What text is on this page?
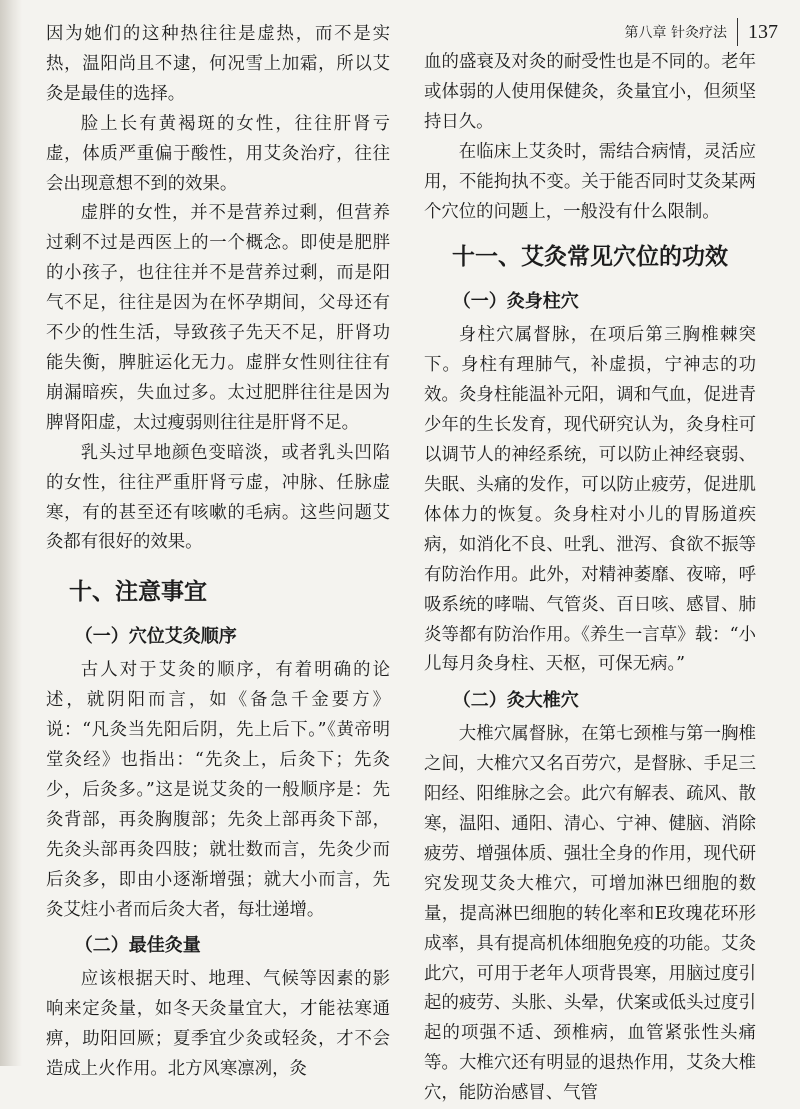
第八章 针灸疗法 137

因为她们的这种热往往是虚热，而不是实热，温阳尚且不逮，何况雪上加霜，所以艾灸是最佳的选择。

脸上长有黄褐斑的女性，往往肝肾亏虚，体质严重偏于酸性，用艾灸治疗，往往会出现意想不到的效果。

虚胖的女性，并不是营养过剩，但营养过剩不过是西医上的一个概念。即使是肥胖的小孩子，也往往并不是营养过剩，而是阳气不足，往往是因为在怀孕期间，父母还有不少的性生活，导致孩子先天不足，肝肾功能失衡，脾脏运化无力。虚胖女性则往往有崩漏暗疾，失血过多。太过肥胖往往是因为脾肾阳虚，太过瘦弱则往往是肝肾不足。

乳头过早地颜色变暗淡，或者乳头凹陷的女性，往往严重肝肾亏虚，冲脉、任脉虚寒，有的甚至还有咳嗽的毛病。这些问题艾灸都有很好的效果。

十、注意事宜
（一）穴位艾灸顺序

古人对于艾灸的顺序，有着明确的论述，就阴阳而言，如《备急千金要方》说：“凡灸当先阳后阴，先上后下。”《黄帝明堂灸经》也指出：“先灸上，后灸下；先灸少，后灸多。”这是说艾灸的一般顺序是：先灸背部，再灸胸腹部；先灸上部再灸下部，先灸头部再灸四肢；就壮数而言，先灸少而后灸多，即由小逐渐增强；就大小而言，先灸艾炷小者而后灸大者，每壮递增。

（二）最佳灸量

应该根据天时、地理、气候等因素的影响来定灸量，如冬天灸量宜大，才能祛寒通痹，助阳回厥；夏季宜少灸或轻灸，才不会造成上火作用。北方风寒凛冽，灸

血的盛衰及对灸的耐受性也是不同的。老年或体弱的人使用保健灸，灸量宜小，但须坚持日久。

在临床上艾灸时，需结合病情，灵活应用，不能拘执不变。关于能否同时艾灸某两个穴位的问题上，一般没有什么限制。

十一、艾灸常见穴位的功效
（一）灸身柱穴

身柱穴属督脉，在项后第三胸椎棘突下。身柱有理肺气，补虚损，宁神志的功效。灸身柱能温补元阳，调和气血，促进青少年的生长发育，现代研究认为，灸身柱可以调节人的神经系统，可以防止神经衰弱、失眠、头痛的发作，可以防止疲劳，促进肌体体力的恢复。灸身柱对小儿的胃肠道疾病，如消化不良、吐乳、泄泻、食欲不振等有防治作用。此外，对精神萎靡、夜啼，呼吸系统的哮喘、气管炎、百日咳、感冒、肺炎等都有防治作用。《养生一言草》载：“小儿每月灸身柱、天枢，可保无病。”

（二）灸大椎穴

大椎穴属督脉，在第七颈椎与第一胸椎之间，大椎穴又名百劳穴，是督脉、手足三阳经、阳维脉之会。此穴有解表、疏风、散寒，温阳、通阳、清心、宁神、健脑、消除疲劳、增强体质、强壮全身的作用，现代研究发现艾灸大椎穴，可增加淋巴细胞的数量，提高淋巴细胞的转化率和E玫瑰花环形成率，具有提高机体细胞免疫的功能。艾灸此穴，可用于老年人项背畏寒，用脑过度引起的疲劳、头胀、头晕，伏案或低头过度引起的项强不适、颈椎病，血管紧张性头痛等。大椎穴还有明显的退热作用，艾灸大椎穴，能防治感冒、气管
